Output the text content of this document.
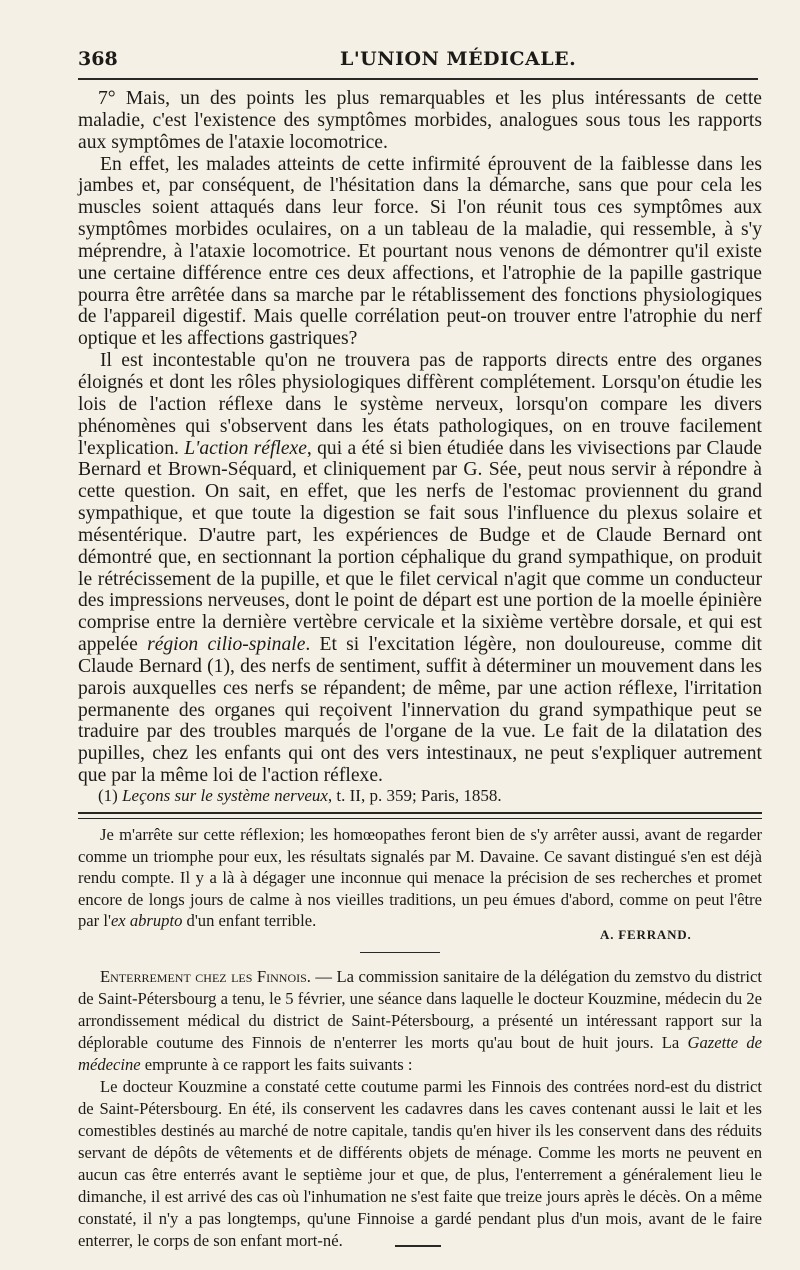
368	L'UNION MÉDICALE.

7° Mais, un des points les plus remarquables et les plus intéressants de cette maladie, c'est l'existence des symptômes morbides, analogues sous tous les rapports aux symptômes de l'ataxie locomotrice.

En effet, les malades atteints de cette infirmité éprouvent de la faiblesse dans les jambes et, par conséquent, de l'hésitation dans la démarche, sans que pour cela les muscles soient attaqués dans leur force. Si l'on réunit tous ces symptômes aux symptômes morbides oculaires, on a un tableau de la maladie, qui ressemble, à s'y méprendre, à l'ataxie locomotrice. Et pourtant nous venons de démontrer qu'il existe une certaine différence entre ces deux affections, et l'atrophie de la papille gastrique pourra être arrêtée dans sa marche par le rétablissement des fonctions physiologiques de l'appareil digestif. Mais quelle corrélation peut-on trouver entre l'atrophie du nerf optique et les affections gastriques?

Il est incontestable qu'on ne trouvera pas de rapports directs entre des organes éloignés et dont les rôles physiologiques diffèrent complétement. Lorsqu'on étudie les lois de l'action réflexe dans le système nerveux, lorsqu'on compare les divers phénomènes qui s'observent dans les états pathologiques, on en trouve facilement l'explication. L'action réflexe, qui a été si bien étudiée dans les vivisections par Claude Bernard et Brown-Séquard, et cliniquement par G. Sée, peut nous servir à répondre à cette question. On sait, en effet, que les nerfs de l'estomac proviennent du grand sympathique, et que toute la digestion se fait sous l'influence du plexus solaire et mésentérique. D'autre part, les expériences de Budge et de Claude Bernard ont démontré que, en sectionnant la portion céphalique du grand sympathique, on produit le rétrécissement de la pupille, et que le filet cervical n'agit que comme un conducteur des impressions nerveuses, dont le point de départ est une portion de la moelle épinière comprise entre la dernière vertèbre cervicale et la sixième vertèbre dorsale, et qui est appelée région cilio-spinale. Et si l'excitation légère, non douloureuse, comme dit Claude Bernard (1), des nerfs de sentiment, suffit à déterminer un mouvement dans les parois auxquelles ces nerfs se répandent; de même, par une action réflexe, l'irritation permanente des organes qui reçoivent l'innervation du grand sympathique peut se traduire par des troubles marqués de l'organe de la vue. Le fait de la dilatation des pupilles, chez les enfants qui ont des vers intestinaux, ne peut s'expliquer autrement que par la même loi de l'action réflexe.

(1) Leçons sur le système nerveux, t. II, p. 359; Paris, 1858.

Je m'arrête sur cette réflexion; les homœopathes feront bien de s'y arrêter aussi, avant de regarder comme un triomphe pour eux, les résultats signalés par M. Davaine. Ce savant distingué s'en est déjà rendu compte. Il y a là à dégager une inconnue qui menace la précision de ses recherches et promet encore de longs jours de calme à nos vieilles traditions, un peu émues d'abord, comme on peut l'être par l'ex abrupto d'un enfant terrible.

A. FERRAND.

Enterrement chez les Finnois. — La commission sanitaire de la délégation du zemstvo du district de Saint-Pétersbourg a tenu, le 5 février, une séance dans laquelle le docteur Kouzmine, médecin du 2e arrondissement médical du district de Saint-Pétersbourg, a présenté un intéressant rapport sur la déplorable coutume des Finnois de n'enterrer les morts qu'au bout de huit jours. La Gazette de médecine emprunte à ce rapport les faits suivants :

Le docteur Kouzmine a constaté cette coutume parmi les Finnois des contrées nord-est du district de Saint-Pétersbourg. En été, ils conservent les cadavres dans les caves contenant aussi le lait et les comestibles destinés au marché de notre capitale, tandis qu'en hiver ils les conservent dans des réduits servant de dépôts de vêtements et de différents objets de ménage. Comme les morts ne peuvent en aucun cas être enterrés avant le septième jour et que, de plus, l'enterrement a généralement lieu le dimanche, il est arrivé des cas où l'inhumation ne s'est faite que treize jours après le décès. On a même constaté, il n'y a pas longtemps, qu'une Finnoise a gardé pendant plus d'un mois, avant de le faire enterrer, le corps de son enfant mort-né.
